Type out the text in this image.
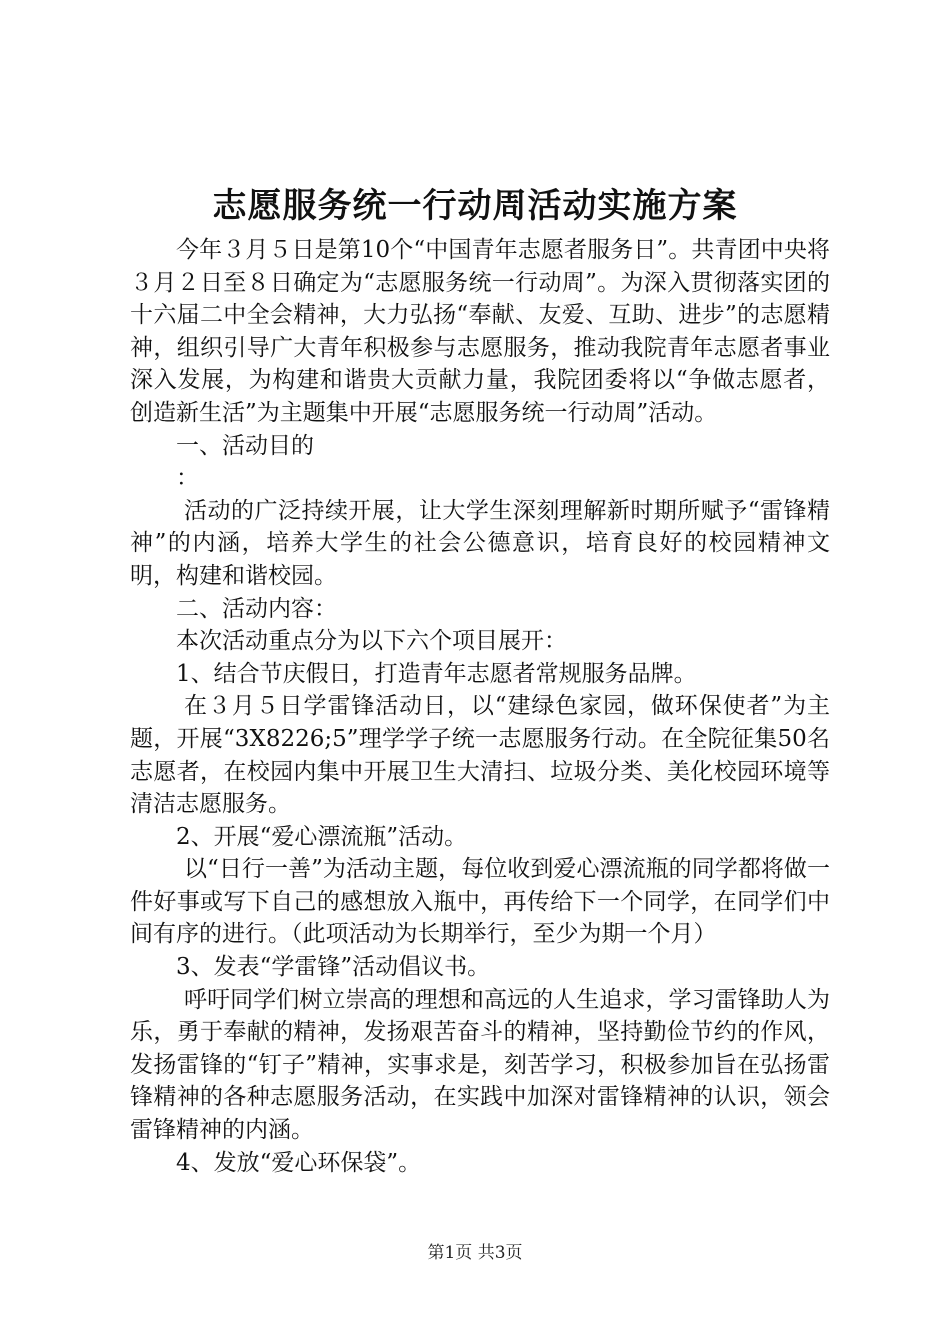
志愿服务统一行动周活动实施方案

今年３月５日是第10个“中国青年志愿者服务日”。共青团中央将３月２日至８日确定为“志愿服务统一行动周”。为深入贯彻落实团的十六届二中全会精神，大力弘扬“奉献、友爱、互助、进步”的志愿精神，组织引导广大青年积极参与志愿服务，推动我院青年志愿者事业深入发展，为构建和谐贵大贡献力量，我院团委将以“争做志愿者，创造新生活”为主题集中开展“志愿服务统一行动周”活动。

一、活动目的

：

活动的广泛持续开展，让大学生深刻理解新时期所赋予“雷锋精神”的内涵，培养大学生的社会公德意识，培育良好的校园精神文明，构建和谐校园。

二、活动内容：

本次活动重点分为以下六个项目展开：

1、结合节庆假日，打造青年志愿者常规服务品牌。

在３月５日学雷锋活动日，以“建绿色家园，做环保使者”为主题，开展“3X8226;5”理学学子统一志愿服务行动。在全院征集50名志愿者，在校园内集中开展卫生大清扫、垃圾分类、美化校园环境等清洁志愿服务。

2、开展“爱心漂流瓶”活动。

以“日行一善”为活动主题，每位收到爱心漂流瓶的同学都将做一件好事或写下自己的感想放入瓶中，再传给下一个同学，在同学们中间有序的进行。（此项活动为长期举行，至少为期一个月）

3、发表“学雷锋”活动倡议书。

呼吁同学们树立崇高的理想和高远的人生追求，学习雷锋助人为乐，勇于奉献的精神，发扬艰苦奋斗的精神，坚持勤俭节约的作风，发扬雷锋的“钉子”精神，实事求是，刻苦学习，积极参加旨在弘扬雷锋精神的各种志愿服务活动，在实践中加深对雷锋精神的认识，领会雷锋精神的内涵。

4、发放“爱心环保袋”。

第1页 共3页
